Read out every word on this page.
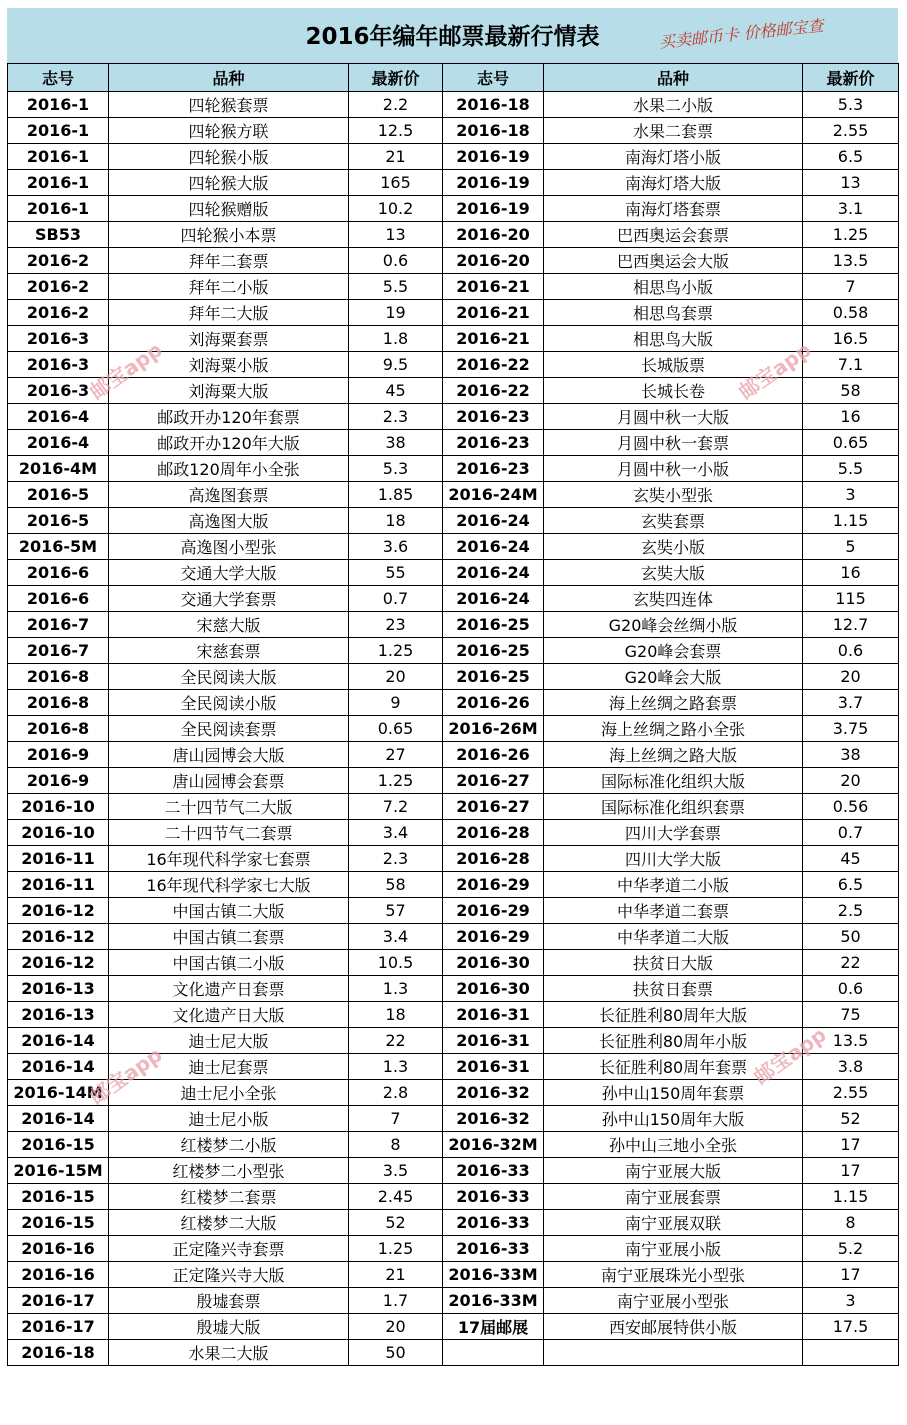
2016年编年邮票最新行情表	买卖邮币卡 价格邮宝查
志号	品种	最新价	志号	品种	最新价
2016-1	四轮猴套票	2.2	2016-18	水果二小版	5.3
2016-1	四轮猴方联	12.5	2016-18	水果二套票	2.55
2016-1	四轮猴小版	21	2016-19	南海灯塔小版	6.5
2016-1	四轮猴大版	165	2016-19	南海灯塔大版	13
2016-1	四轮猴赠版	10.2	2016-19	南海灯塔套票	3.1
SB53	四轮猴小本票	13	2016-20	巴西奥运会套票	1.25
2016-2	拜年二套票	0.6	2016-20	巴西奥运会大版	13.5
2016-2	拜年二小版	5.5	2016-21	相思鸟小版	7
2016-2	拜年二大版	19	2016-21	相思鸟套票	0.58
2016-3	刘海粟套票	1.8	2016-21	相思鸟大版	16.5
2016-3	刘海粟小版	9.5	2016-22	长城版票	7.1
2016-3	刘海粟大版	45	2016-22	长城长卷	58
2016-4	邮政开办120年套票	2.3	2016-23	月圆中秋一大版	16
2016-4	邮政开办120年大版	38	2016-23	月圆中秋一套票	0.65
2016-4M	邮政120周年小全张	5.3	2016-23	月圆中秋一小版	5.5
2016-5	高逸图套票	1.85	2016-24M	玄奘小型张	3
2016-5	高逸图大版	18	2016-24	玄奘套票	1.15
2016-5M	高逸图小型张	3.6	2016-24	玄奘小版	5
2016-6	交通大学大版	55	2016-24	玄奘大版	16
2016-6	交通大学套票	0.7	2016-24	玄奘四连体	115
2016-7	宋慈大版	23	2016-25	G20峰会丝绸小版	12.7
2016-7	宋慈套票	1.25	2016-25	G20峰会套票	0.6
2016-8	全民阅读大版	20	2016-25	G20峰会大版	20
2016-8	全民阅读小版	9	2016-26	海上丝绸之路套票	3.7
2016-8	全民阅读套票	0.65	2016-26M	海上丝绸之路小全张	3.75
2016-9	唐山园博会大版	27	2016-26	海上丝绸之路大版	38
2016-9	唐山园博会套票	1.25	2016-27	国际标准化组织大版	20
2016-10	二十四节气二大版	7.2	2016-27	国际标准化组织套票	0.56
2016-10	二十四节气二套票	3.4	2016-28	四川大学套票	0.7
2016-11	16年现代科学家七套票	2.3	2016-28	四川大学大版	45
2016-11	16年现代科学家七大版	58	2016-29	中华孝道二小版	6.5
2016-12	中国古镇二大版	57	2016-29	中华孝道二套票	2.5
2016-12	中国古镇二套票	3.4	2016-29	中华孝道二大版	50
2016-12	中国古镇二小版	10.5	2016-30	扶贫日大版	22
2016-13	文化遗产日套票	1.3	2016-30	扶贫日套票	0.6
2016-13	文化遗产日大版	18	2016-31	长征胜利80周年大版	75
2016-14	迪士尼大版	22	2016-31	长征胜利80周年小版	13.5
2016-14	迪士尼套票	1.3	2016-31	长征胜利80周年套票	3.8
2016-14M	迪士尼小全张	2.8	2016-32	孙中山150周年套票	2.55
2016-14	迪士尼小版	7	2016-32	孙中山150周年大版	52
2016-15	红楼梦二小版	8	2016-32M	孙中山三地小全张	17
2016-15M	红楼梦二小型张	3.5	2016-33	南宁亚展大版	17
2016-15	红楼梦二套票	2.45	2016-33	南宁亚展套票	1.15
2016-15	红楼梦二大版	52	2016-33	南宁亚展双联	8
2016-16	正定隆兴寺套票	1.25	2016-33	南宁亚展小版	5.2
2016-16	正定隆兴寺大版	21	2016-33M	南宁亚展珠光小型张	17
2016-17	殷墟套票	1.7	2016-33M	南宁亚展小型张	3
2016-17	殷墟大版	20	17届邮展	西安邮展特供小版	17.5
2016-18	水果二大版	50			
邮宝app	邮宝app
邮宝app	邮宝app
